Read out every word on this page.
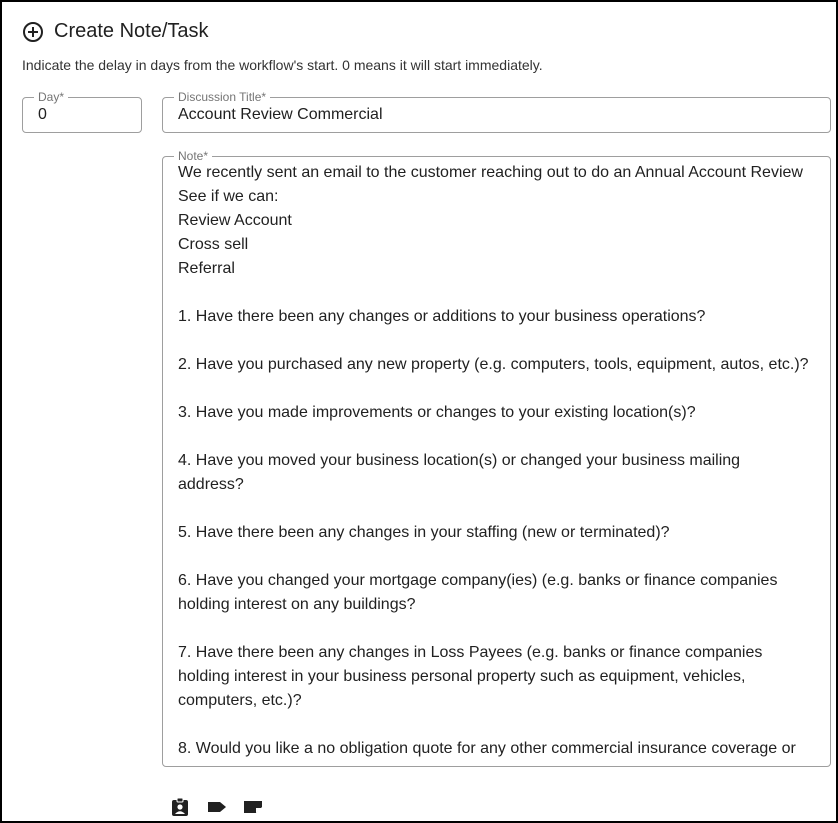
Create Note/Task
Indicate the delay in days from the workflow's start. 0 means it will start immediately.
Day*
0
Discussion Title*
Account Review Commercial
Note*
We recently sent an email to the customer reaching out to do an Annual Account Review
See if we can:
Review Account
Cross sell
Referral
1. Have there been any changes or additions to your business operations?
2. Have you purchased any new property (e.g. computers, tools, equipment, autos, etc.)?
3. Have you made improvements or changes to your existing location(s)?
4. Have you moved your business location(s) or changed your business mailing
address?
5. Have there been any changes in your staffing (new or terminated)?
6. Have you changed your mortgage company(ies) (e.g. banks or finance companies
holding interest on any buildings?
7. Have there been any changes in Loss Payees (e.g. banks or finance companies
holding interest in your business personal property such as equipment, vehicles,
computers, etc.)?
8. Would you like a no obligation quote for any other commercial insurance coverage or
